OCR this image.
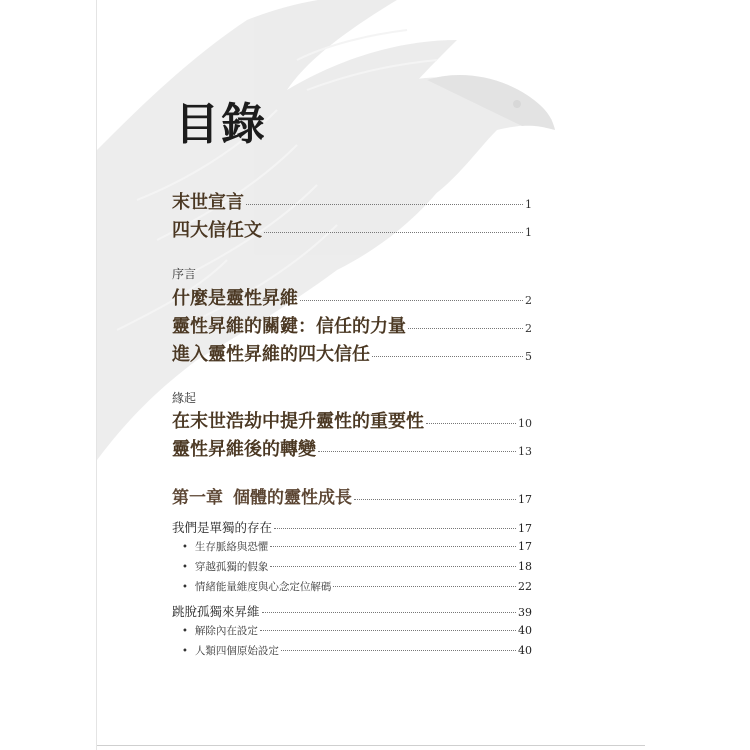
目錄
末世宣言	1
四大信任文	1
序言
什麼是靈性昇維	2
靈性昇維的關鍵：信任的力量	2
進入靈性昇維的四大信任	5
緣起
在末世浩劫中提升靈性的重要性	10
靈性昇維後的轉變	13
第一章 個體的靈性成長	17
我們是單獨的存在	17
• 生存脈絡與恐懼	17
• 穿越孤獨的假象	18
• 情緒能量維度與心念定位解碼	22
跳脫孤獨來昇維	39
• 解除內在設定	40
• 人類四個原始設定	40
